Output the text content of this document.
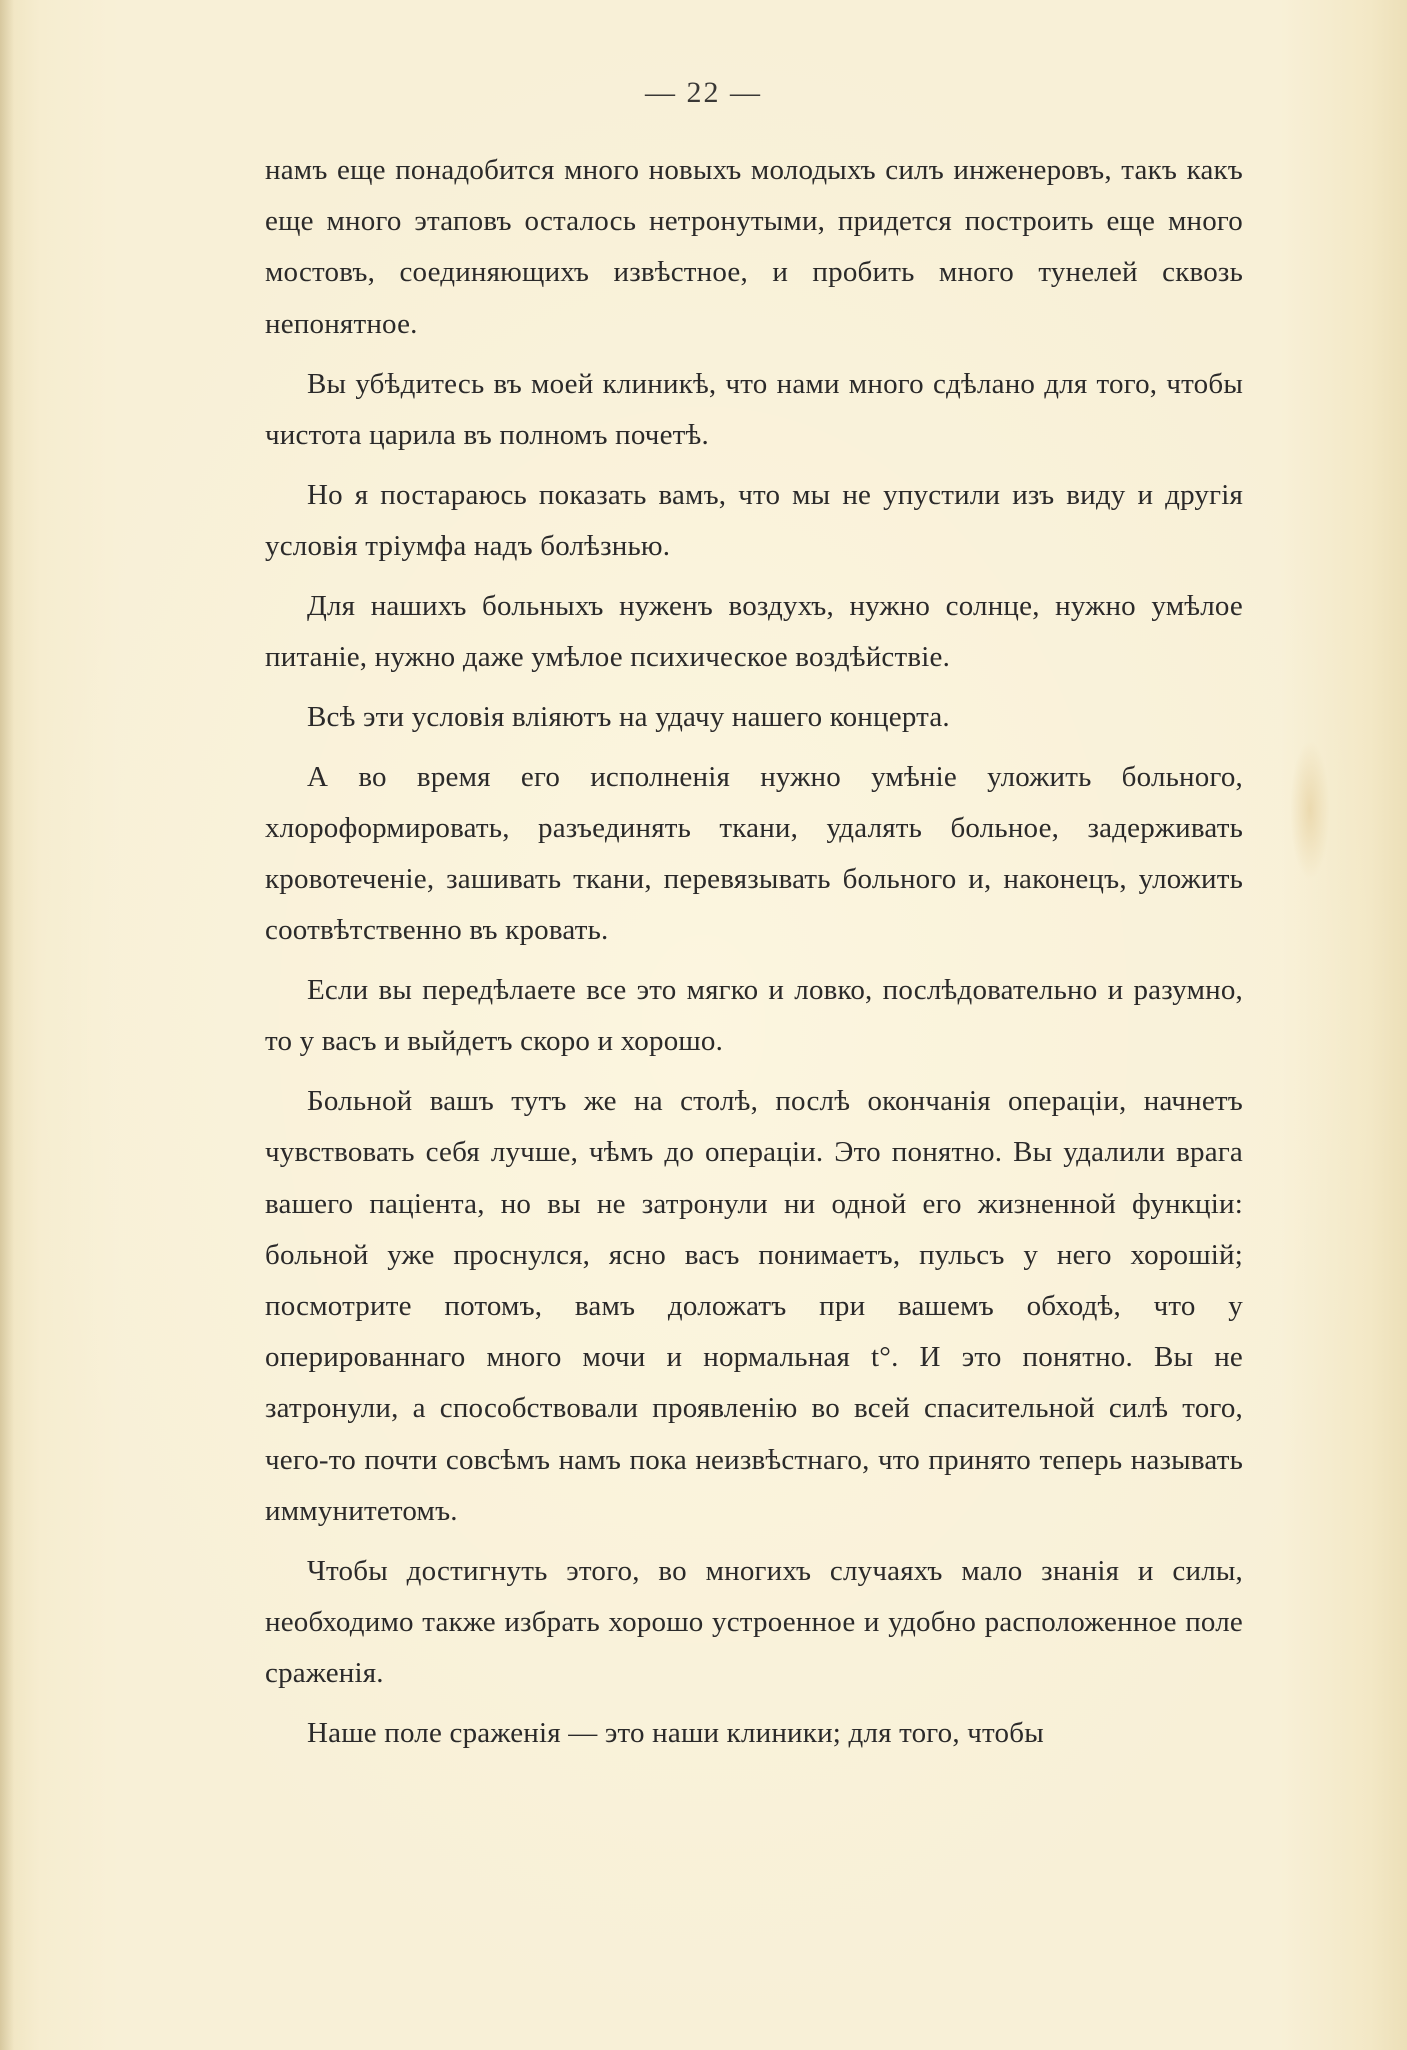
— 22 —

намъ еще понадобится много новыхъ молодыхъ силъ инженеровъ, такъ какъ еще много этаповъ осталось нетронутыми, придется построить еще много мостовъ, соединяющихъ извѣстное, и пробить много тунелей сквозь непонятное.

Вы убѣдитесь въ моей клиникѣ, что нами много сдѣлано для того, чтобы чистота царила въ полномъ почетѣ.

Но я постараюсь показать вамъ, что мы не упустили изъ виду и другія условія тріумфа надъ болѣзнью.

Для нашихъ больныхъ нуженъ воздухъ, нужно солнце, нужно умѣлое питаніе, нужно даже умѣлое психическое воздѣйствіе.

Всѣ эти условія вліяютъ на удачу нашего концерта.

А во время его исполненія нужно умѣніе уложить больного, хлороформировать, разъединять ткани, удалять больное, задерживать кровотеченіе, зашивать ткани, перевязывать больного и, наконецъ, уложить соотвѣтственно въ кровать.

Если вы передѣлаете все это мягко и ловко, послѣдовательно и разумно, то у васъ и выйдетъ скоро и хорошо.

Больной вашъ тутъ же на столѣ, послѣ окончанія операціи, начнетъ чувствовать себя лучше, чѣмъ до операціи. Это понятно. Вы удалили врага вашего паціента, но вы не затронули ни одной его жизненной функціи: больной уже проснулся, ясно васъ понимаетъ, пульсъ у него хорошій; посмотрите потомъ, вамъ доложатъ при вашемъ обходѣ, что у оперированнаго много мочи и нормальная t°. И это понятно. Вы не затронули, а способствовали проявленію во всей спасительной силѣ того, чего-то почти совсѣмъ намъ пока неизвѣстнаго, что принято теперь называть иммунитетомъ.

Чтобы достигнуть этого, во многихъ случаяхъ мало знанія и силы, необходимо также избрать хорошо устроенное и удобно расположенное поле сраженія.

Наше поле сраженія — это наши клиники; для того, чтобы
